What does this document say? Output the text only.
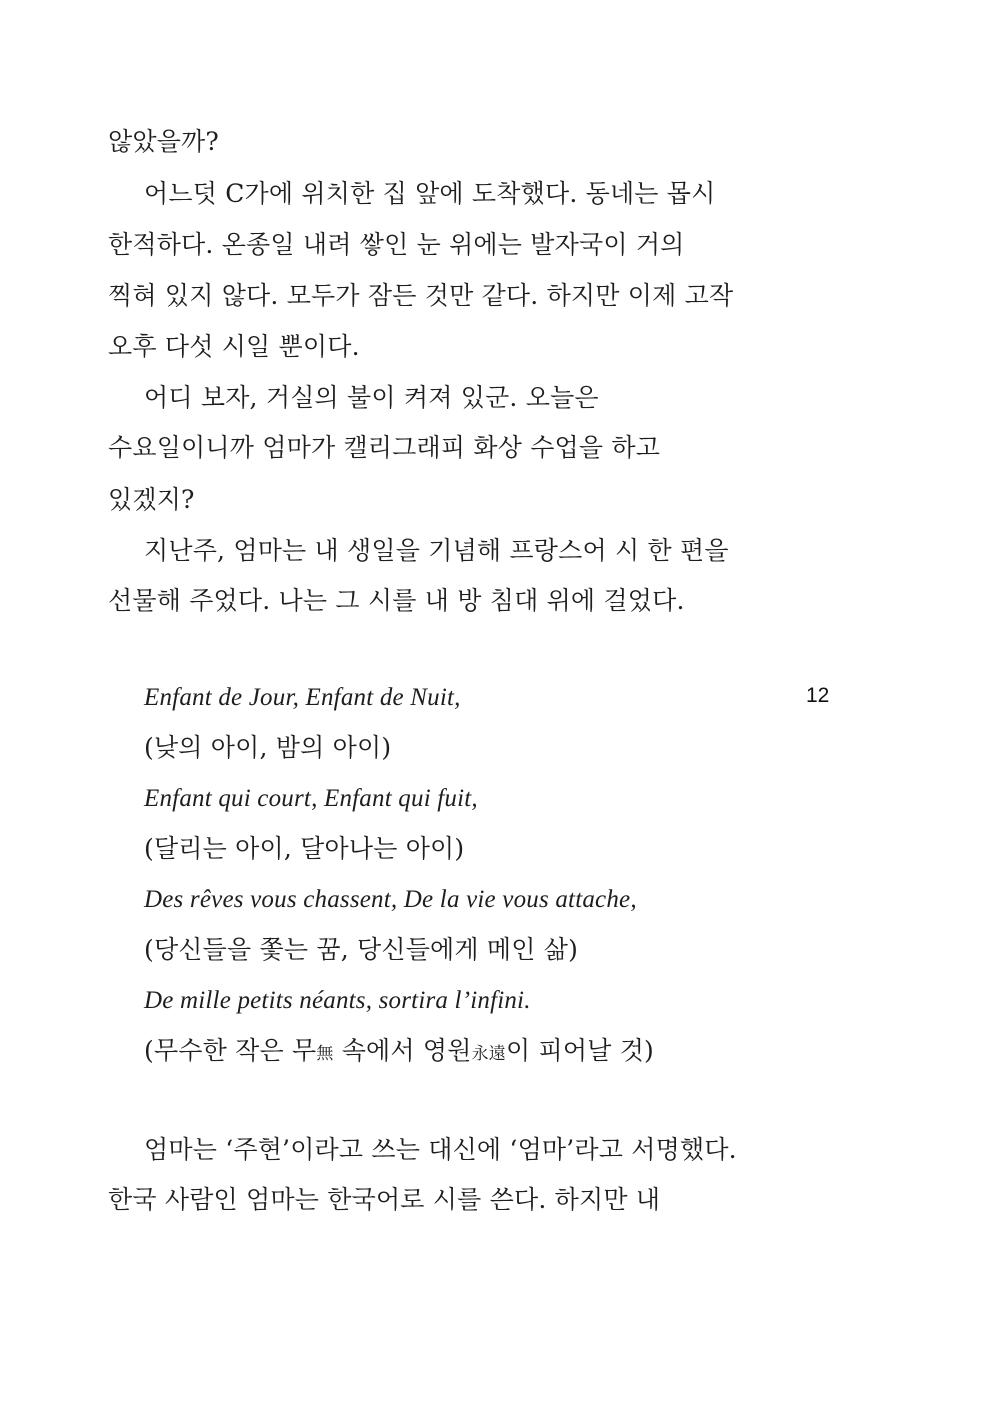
않았을까?
어느덧 C가에 위치한 집 앞에 도착했다. 동네는 몹시
한적하다. 온종일 내려 쌓인 눈 위에는 발자국이 거의
찍혀 있지 않다. 모두가 잠든 것만 같다. 하지만 이제 고작
오후 다섯 시일 뿐이다.
어디 보자, 거실의 불이 켜져 있군. 오늘은
수요일이니까 엄마가 캘리그래피 화상 수업을 하고
있겠지?
지난주, 엄마는 내 생일을 기념해 프랑스어 시 한 편을
선물해 주었다. 나는 그 시를 내 방 침대 위에 걸었다.
Enfant de Jour, Enfant de Nuit,	12
(낮의 아이, 밤의 아이)
Enfant qui court, Enfant qui fuit,
(달리는 아이, 달아나는 아이)
Des rêves vous chassent, De la vie vous attache,
(당신들을 쫓는 꿈, 당신들에게 메인 삶)
De mille petits néants, sortira l’infini.
(무수한 작은 무無 속에서 영원永遠이 피어날 것)
엄마는 ‘주현’이라고 쓰는 대신에 ‘엄마’라고 서명했다.
한국 사람인 엄마는 한국어로 시를 쓴다. 하지만 내
